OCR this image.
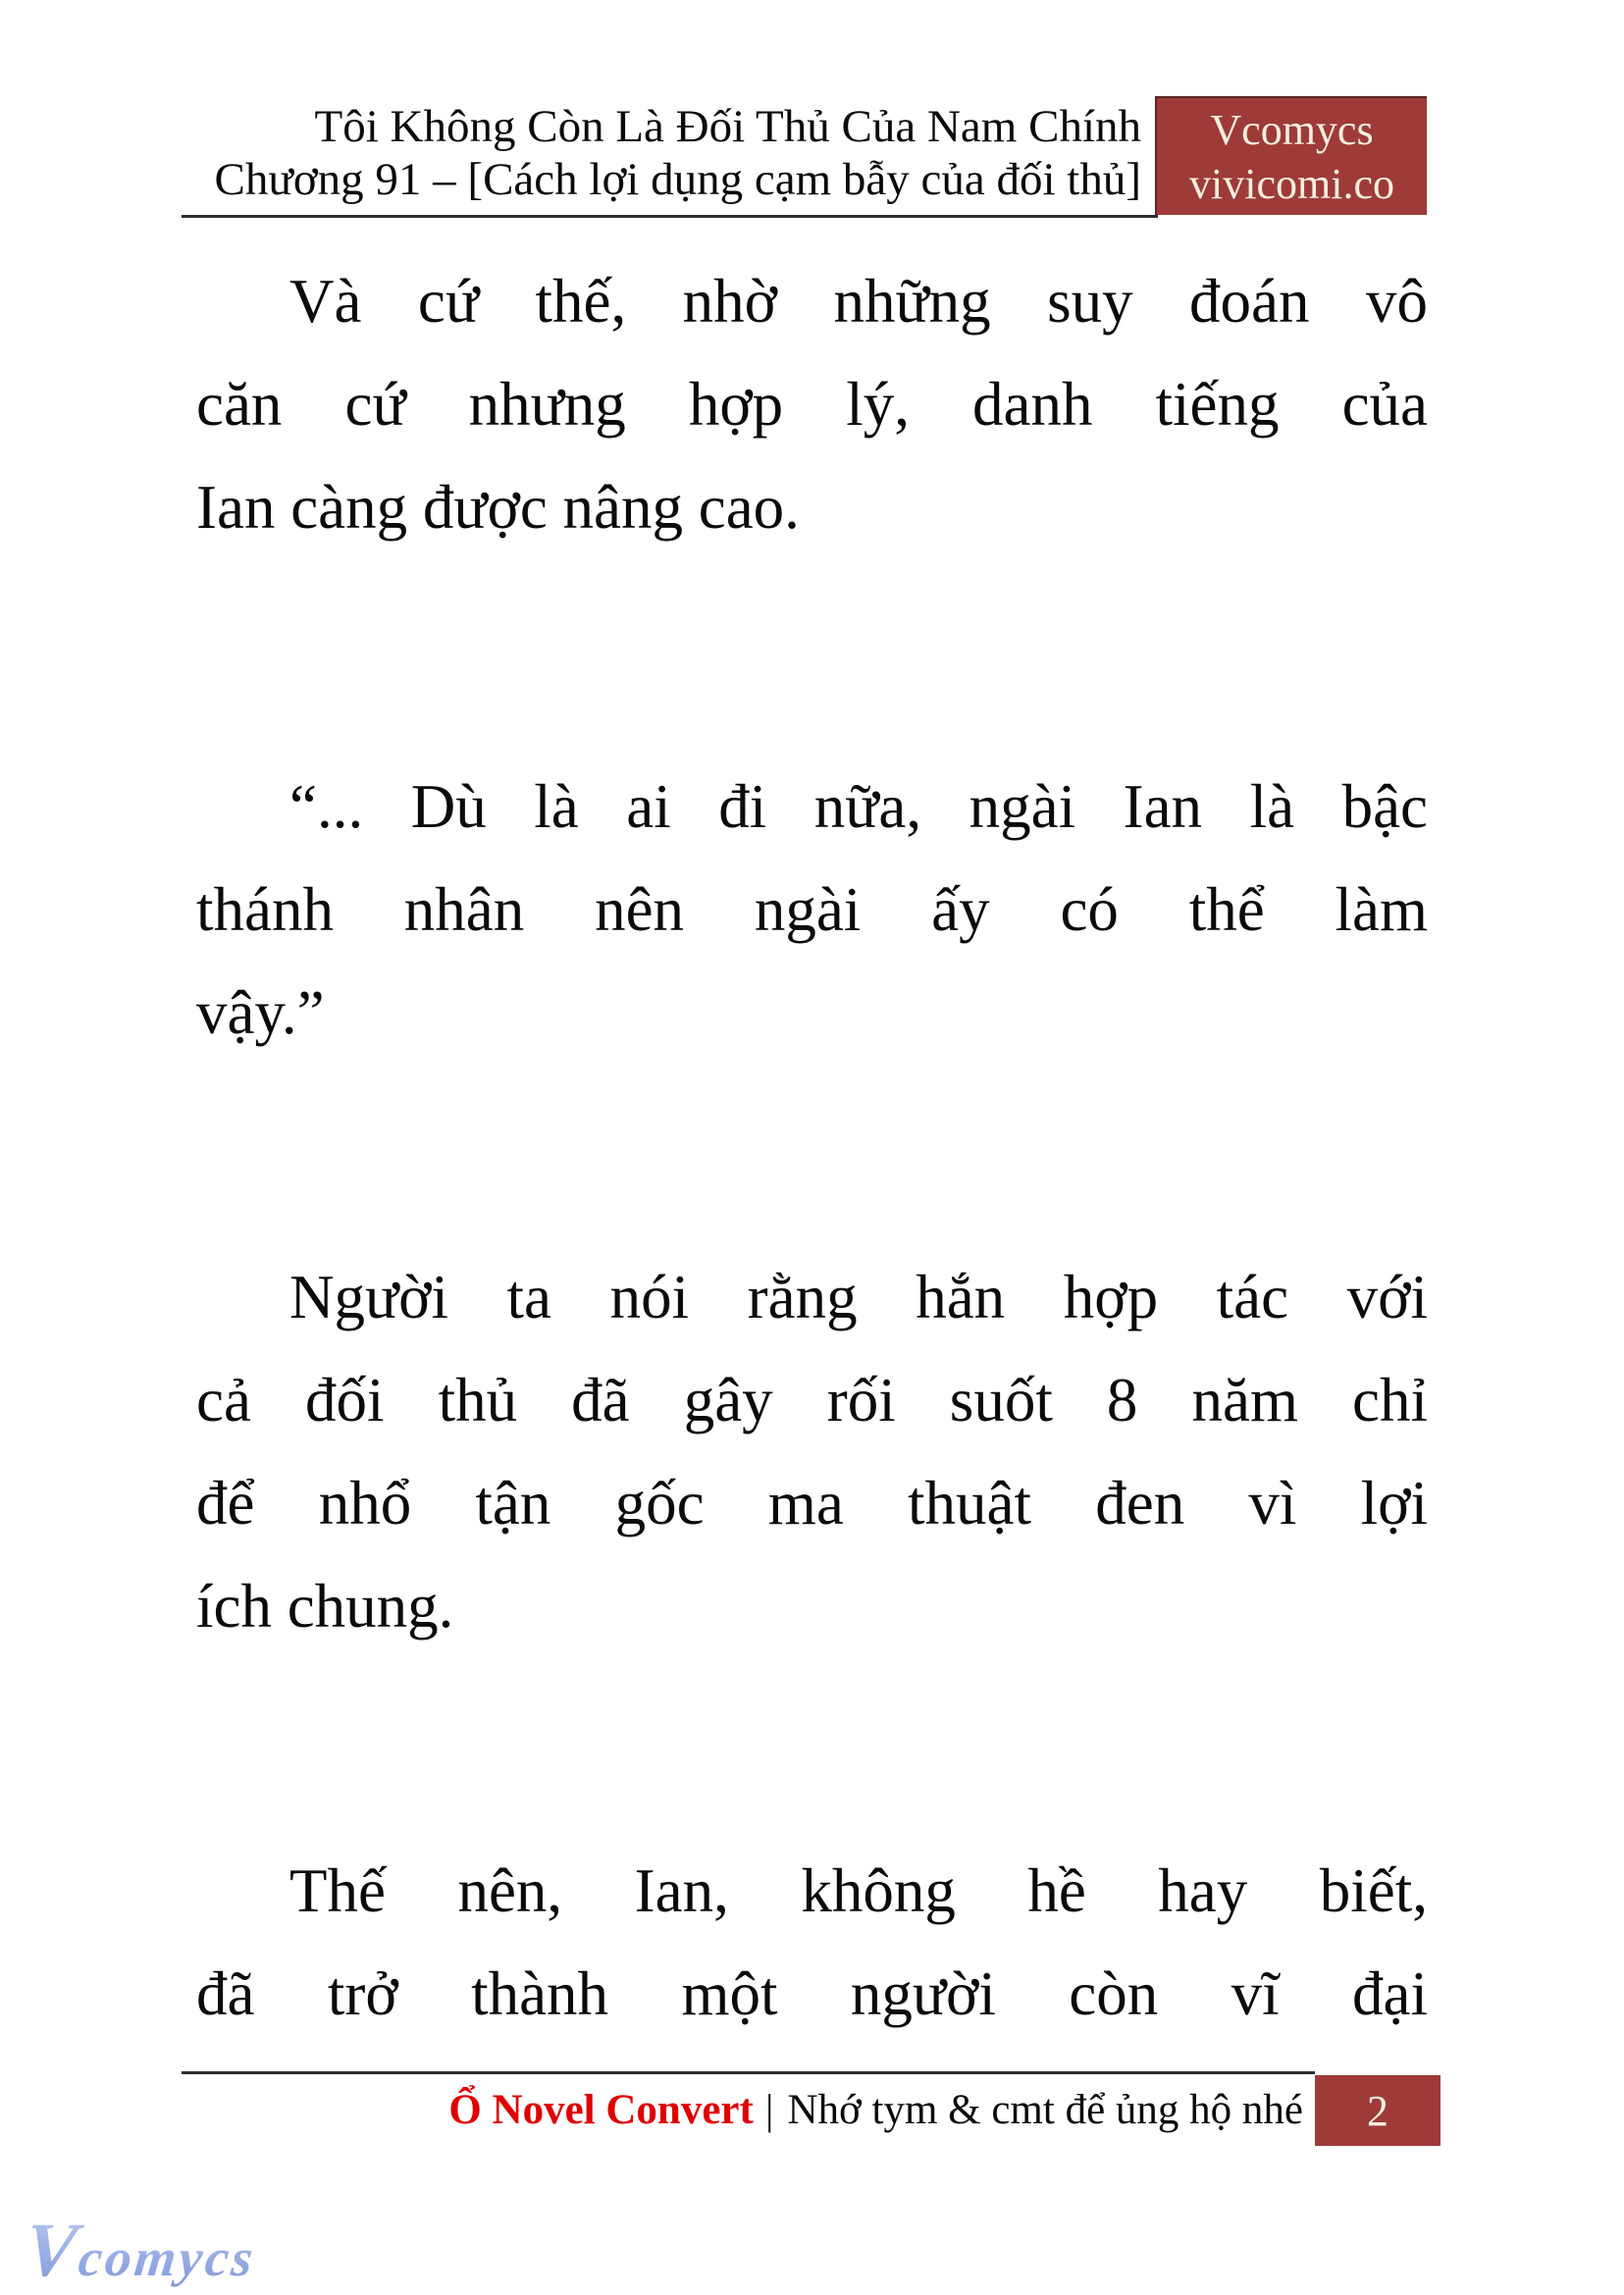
Tôi Không Còn Là Đối Thủ Của Nam Chính
Chương 91 – [Cách lợi dụng cạm bẫy của đối thủ]
Vcomycs
vivicomi.co
Và cứ thế, nhờ những suy đoán vô
căn cứ nhưng hợp lý, danh tiếng của
Ian càng được nâng cao.
“... Dù là ai đi nữa, ngài Ian là bậc
thánh nhân nên ngài ấy có thể làm
vậy.”
Người ta nói rằng hắn hợp tác với
cả đối thủ đã gây rối suốt 8 năm chỉ
để nhổ tận gốc ma thuật đen vì lợi
ích chung.
Thế nên, Ian, không hề hay biết,
đã trở thành một người còn vĩ đại
Ổ Novel Convert | Nhớ tym & cmt để ủng hộ nhé 2
Vcomycs
